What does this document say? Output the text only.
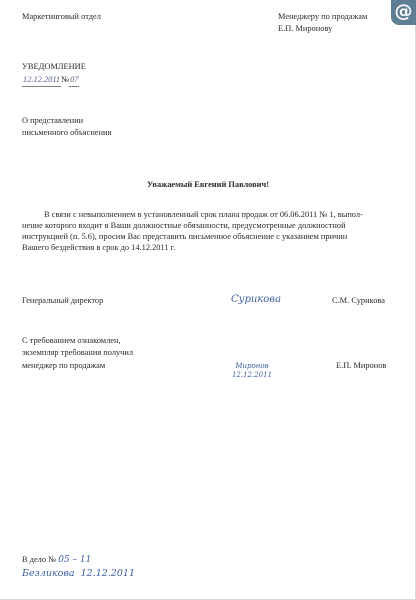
@
Маркетинговый отдел	Менеджеру по продажам
Е.П. Миронову
УВЕДОМЛЕНИЕ
12.12.2011№07
О представлении
письменного объяснения
Уважаемый Евгений Павлович!
В связи с невыполнением в установленный срок плана продаж от 06.06.2011 № 1, выпол-
нение которого входит в Ваши должностные обязанности, предусмотренные должностной
инструкцией (п. 5.6), просим Вас представить письменное объяснение с указанием причин
Вашего бездействия в срок до 14.12.2011 г.
Генеральный директор	Сурикова	С.М. Сурикова
С требованием ознакомлен,
экземпляр требования получил
менеджер по продажам	Миронов
12.12.2011
Е.П. Миронов
В дело № 05 – 11
Безликова 12.12.2011
